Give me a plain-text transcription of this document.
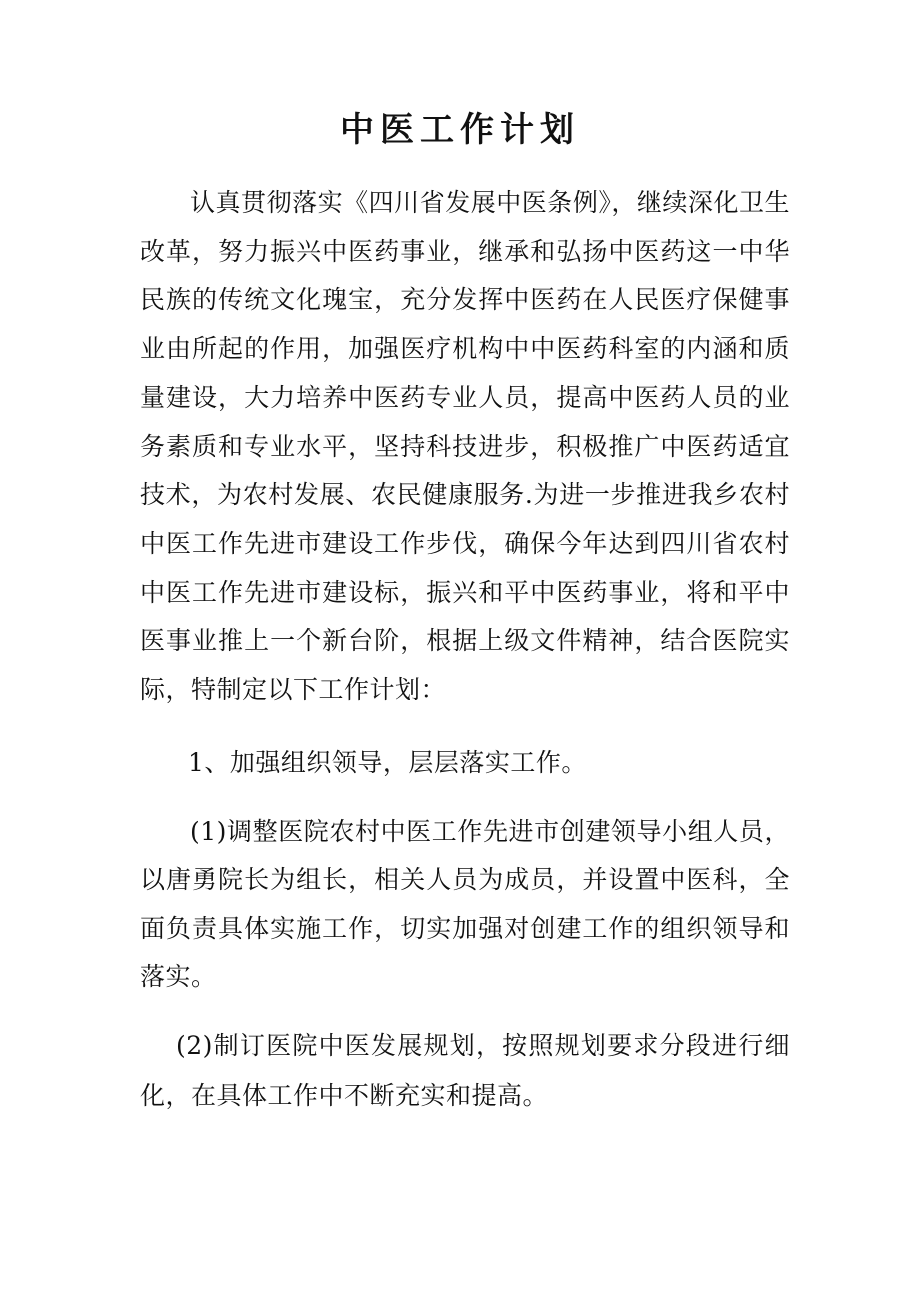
中医工作计划

认真贯彻落实《四川省发展中医条例》，继续深化卫生改革，努力振兴中医药事业，继承和弘扬中医药这一中华民族的传统文化瑰宝，充分发挥中医药在人民医疗保健事业由所起的作用，加强医疗机构中中医药科室的内涵和质量建设，大力培养中医药专业人员，提高中医药人员的业务素质和专业水平，坚持科技进步，积极推广中医药适宜技术，为农村发展、农民健康服务.为进一步推进我乡农村中医工作先进市建设工作步伐，确保今年达到四川省农村中医工作先进市建设标，振兴和平中医药事业，将和平中医事业推上一个新台阶，根据上级文件精神，结合医院实际，特制定以下工作计划：

1、加强组织领导，层层落实工作。

(1)调整医院农村中医工作先进市创建领导小组人员，以唐勇院长为组长，相关人员为成员，并设置中医科，全面负责具体实施工作，切实加强对创建工作的组织领导和落实。

(2)制订医院中医发展规划，按照规划要求分段进行细化，在具体工作中不断充实和提高。
